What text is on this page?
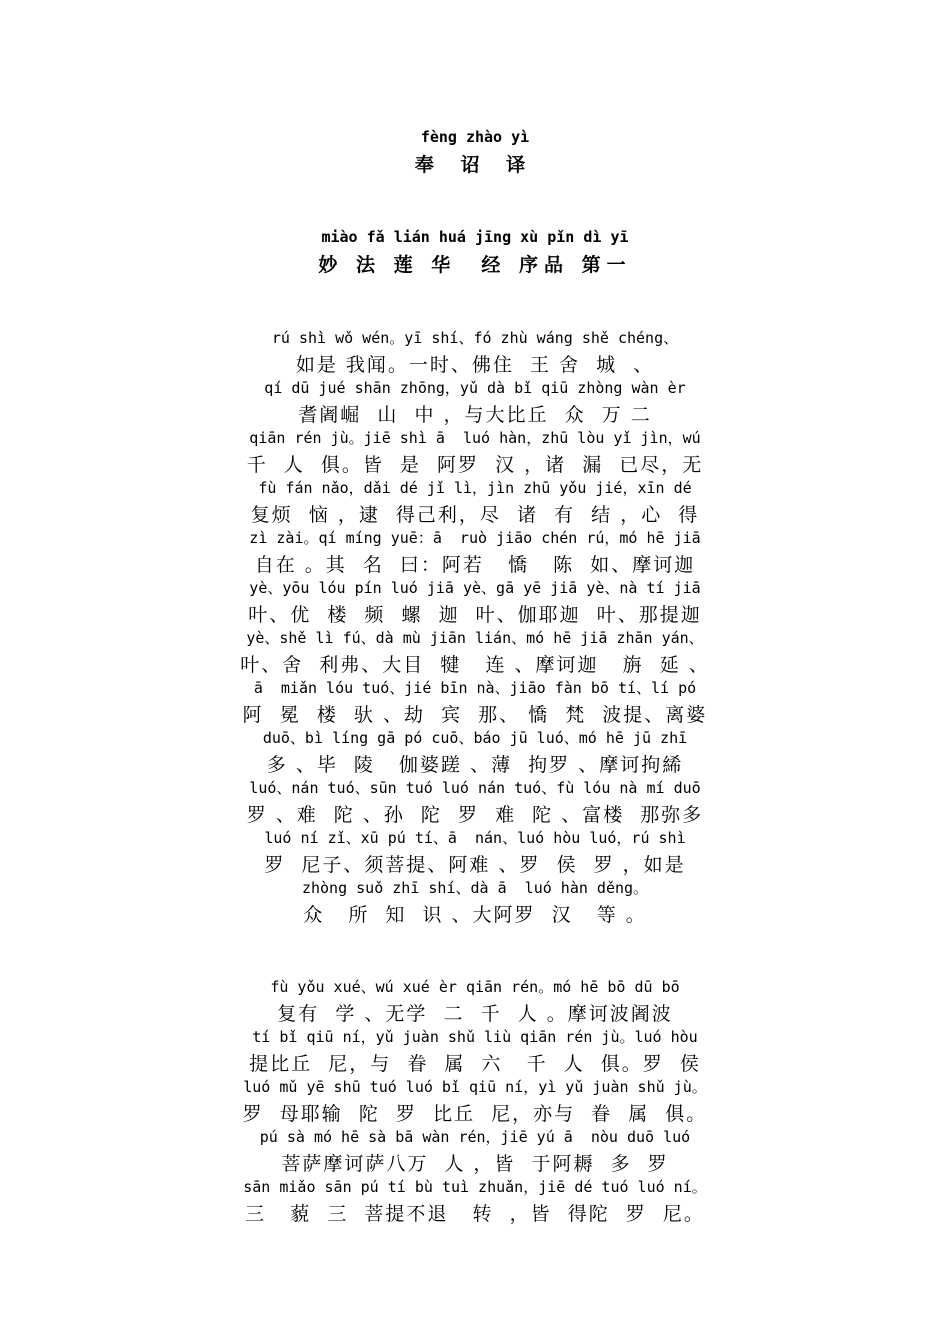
fèng zhào yì
奉 诏 译
miào fǎ lián huá jīng xù pǐn dì yī
妙 法 莲 华  经 序品 第一
rú shì wǒ wén。yī shí、fó zhù wáng shě chéng、
如是 我闻。一时、佛住  王 舍  城  、
qí dū jué shān zhōng，yǔ dà bǐ qiū zhòng wàn èr
耆阇崛  山  中 ，与大比丘  众  万 二
qiān rén jù。jiē shì ā  luó hàn，zhū lòu yǐ jìn，wú
千  人  俱。皆  是  阿罗  汉 ，诸  漏  已尽，无
fù fán nǎo，dǎi dé jǐ lì，jìn zhū yǒu jié，xīn dé
复烦  恼 ，逮  得己利，尽  诸  有  结 ，心  得
zì zài。qí míng yuē：ā  ruò jiāo chén rú，mó hē jiā
自在 。其  名  曰：阿若   憍   陈  如、摩诃迦
yè、yōu lóu pín luó jiā yè、gā yē jiā yè、nà tí jiā
叶、优  楼  频  螺  迦  叶、伽耶迦  叶、那提迦
yè、shě lì fú、dà mù jiān lián、mó hē jiā zhān yán、
叶、舍  利弗、大目  犍   连 、摩诃迦   旃  延 、
ā  miǎn lóu tuó、jié bīn nà、jiāo fàn bō tí、lí pó
阿  冕  楼  驮 、劫  宾  那、 憍  梵  波提、离婆
duō、bì líng gā pó cuō、báo jū luó、mó hē jū zhī
多 、毕  陵   伽婆蹉 、薄  拘罗 、摩诃拘絺
luó、nán tuó、sūn tuó luó nán tuó、fù lóu nà mí duō
罗 、难  陀 、孙  陀  罗  难  陀 、富楼  那弥多
luó ní zǐ、xū pú tí、ā  nán、luó hòu luó，rú shì
罗  尼子、须菩提、阿难 、罗  侯  罗 ，如是
zhòng suǒ zhī shí、dà ā  luó hàn děng。
众   所  知  识 、大阿罗  汉   等 。
fù yǒu xué、wú xué èr qiān rén。mó hē bō dū bō
复有  学 、无学  二  千  人 。摩诃波阇波
tí bǐ qiū ní，yǔ juàn shǔ liù qiān rén jù。luó hòu
提比丘  尼，与  眷  属  六   千  人  俱。罗  侯
luó mǔ yē shū tuó luó bǐ qiū ní，yì yǔ juàn shǔ jù。
罗  母耶输  陀  罗  比丘  尼，亦与  眷  属  俱。
pú sà mó hē sà bā wàn rén，jiē yú ā  nòu duō luó
菩萨摩诃萨八万  人 ，皆  于阿耨  多  罗
sān miǎo sān pú tí bù tuì zhuǎn，jiē dé tuó luó ní。
三   藐  三  菩提不退   转  ，皆  得陀  罗  尼。
